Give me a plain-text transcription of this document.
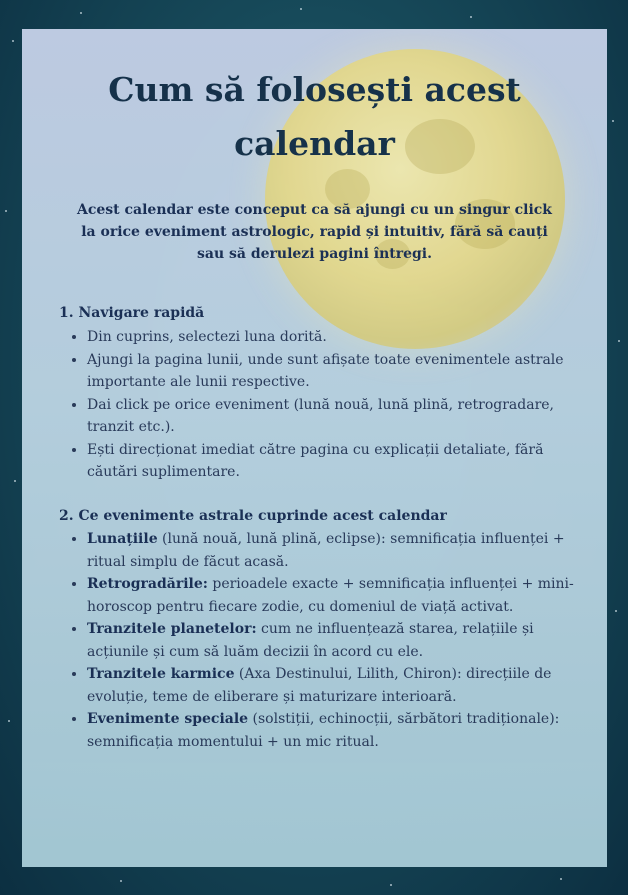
Cum să folosești acest calendar

Acest calendar este conceput ca să ajungi cu un singur click la orice eveniment astrologic, rapid și intuitiv, fără să cauți sau să derulezi pagini întregi.

1. Navigare rapidă
• Din cuprins, selectezi luna dorită.
• Ajungi la pagina lunii, unde sunt afișate toate evenimentele astrale importante ale lunii respective.
• Dai click pe orice eveniment (lună nouă, lună plină, retrogradare, tranzit etc.).
• Ești direcționat imediat către pagina cu explicații detaliate, fără căutări suplimentare.
2. Ce evenimente astrale cuprinde acest calendar
• Lunațiile (lună nouă, lună plină, eclipse): semnificația influenței + ritual simplu de făcut acasă.
• Retrogradările: perioadele exacte + semnificația influenței + mini-horoscop pentru fiecare zodie, cu domeniul de viață activat.
• Tranzitele planetelor: cum ne influențează starea, relațiile și acțiunile și cum să luăm decizii în acord cu ele.
• Tranzitele karmice (Axa Destinului, Lilith, Chiron): direcțiile de evoluție, teme de eliberare și maturizare interioară.
• Evenimente speciale (solstiții, echinocții, sărbători tradiționale): semnificația momentului + un mic ritual.
